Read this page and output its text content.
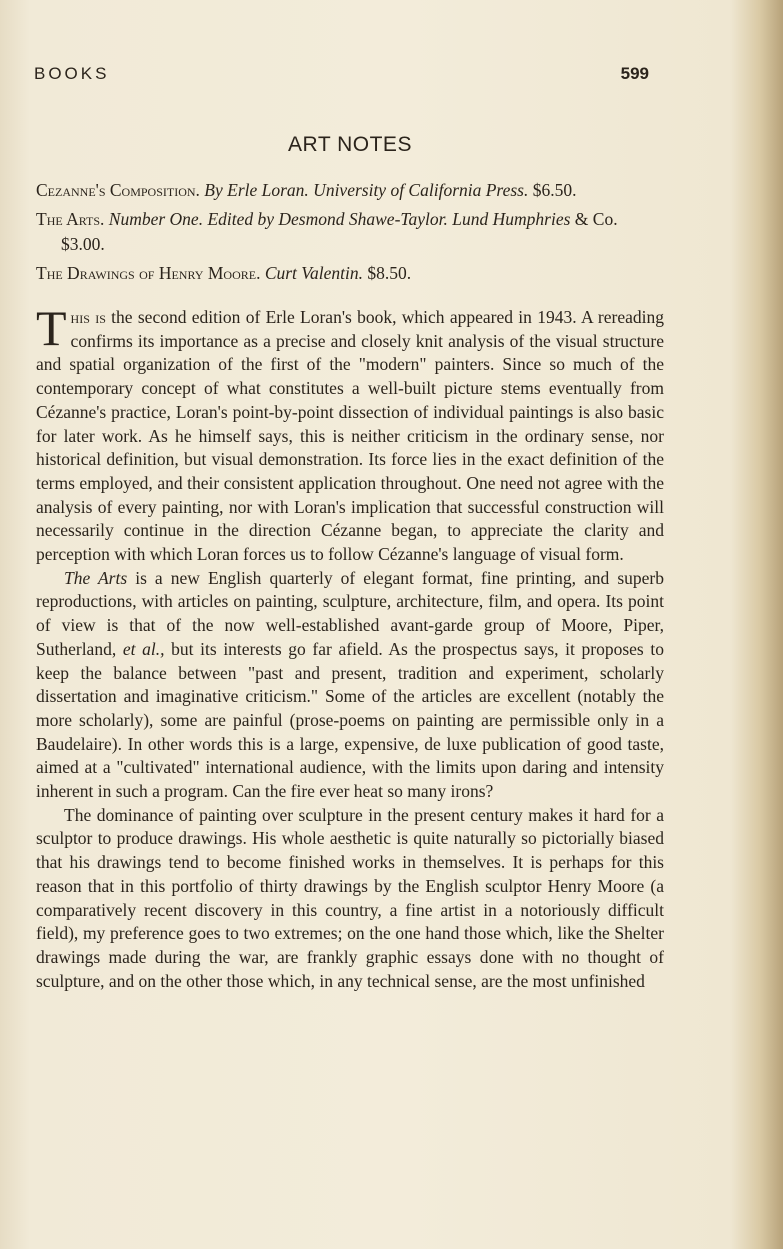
BOOKS	599
ART NOTES
Cezanne's Composition. By Erle Loran. University of California Press. $6.50.
The Arts. Number One. Edited by Desmond Shawe-Taylor. Lund Humphries & Co. $3.00.
The Drawings of Henry Moore. Curt Valentin. $8.50.

This is the second edition of Erle Loran's book, which appeared in 1943. A rereading confirms its importance as a precise and closely knit analysis of the visual structure and spatial organization of the first of the "modern" painters. Since so much of the contemporary concept of what constitutes a well-built picture stems eventually from Cézanne's practice, Loran's point-by-point dissection of individual paintings is also basic for later work. As he himself says, this is neither criticism in the ordinary sense, nor historical definition, but visual demonstration. Its force lies in the exact definition of the terms employed, and their consistent application throughout. One need not agree with the analysis of every painting, nor with Loran's implication that successful construction will necessarily continue in the direction Cézanne began, to appreciate the clarity and perception with which Loran forces us to follow Cézanne's language of visual form.

The Arts is a new English quarterly of elegant format, fine printing, and superb reproductions, with articles on painting, sculpture, architecture, film, and opera. Its point of view is that of the now well-established avant-garde group of Moore, Piper, Sutherland, et al., but its interests go far afield. As the prospectus says, it proposes to keep the balance between "past and present, tradition and experiment, scholarly dissertation and imaginative criticism." Some of the articles are excellent (notably the more scholarly), some are painful (prose-poems on painting are permissible only in a Baudelaire). In other words this is a large, expensive, de luxe publication of good taste, aimed at a "cultivated" international audience, with the limits upon daring and intensity inherent in such a program. Can the fire ever heat so many irons?

The dominance of painting over sculpture in the present century makes it hard for a sculptor to produce drawings. His whole aesthetic is quite naturally so pictorially biased that his drawings tend to become finished works in themselves. It is perhaps for this reason that in this portfolio of thirty drawings by the English sculptor Henry Moore (a comparatively recent discovery in this country, a fine artist in a notoriously difficult field), my preference goes to two extremes; on the one hand those which, like the Shelter drawings made during the war, are frankly graphic essays done with no thought of sculpture, and on the other those which, in any technical sense, are the most unfinished
